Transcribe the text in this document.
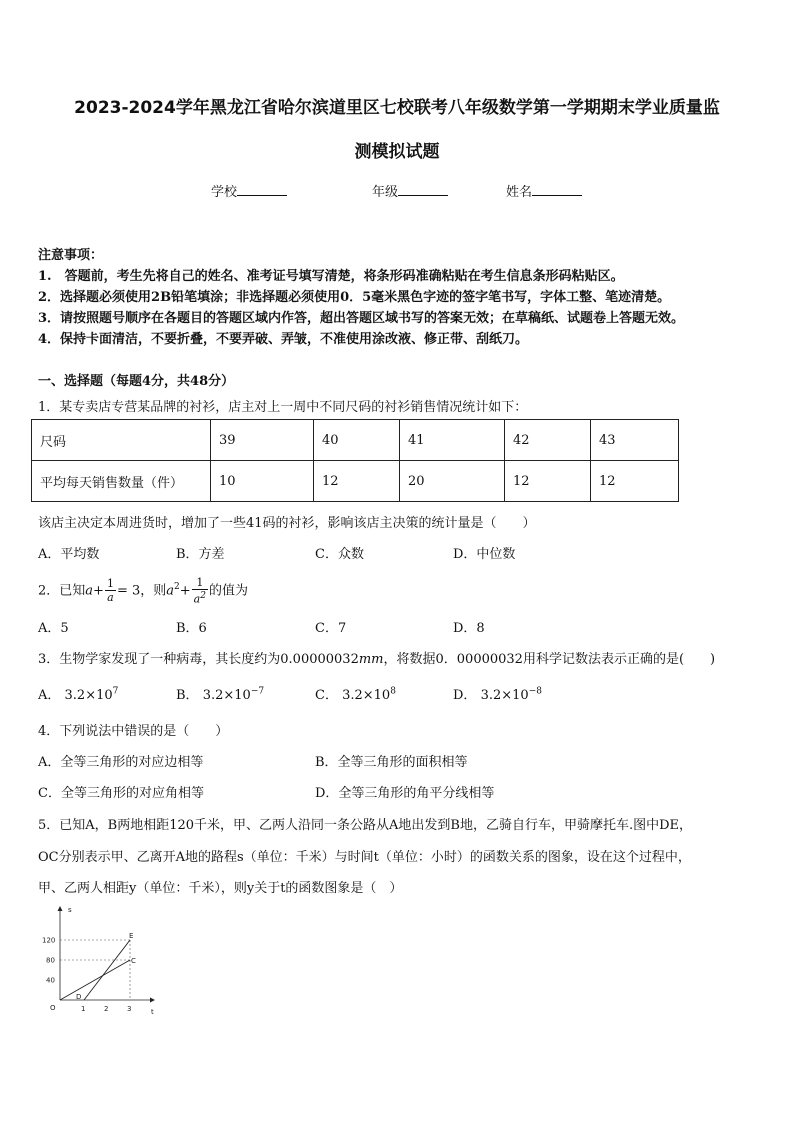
2023-2024学年黑龙江省哈尔滨道里区七校联考八年级数学第一学期期末学业质量监
测模拟试题
学校	年级	姓名
注意事项：
1.　答题前，考生先将自己的姓名、准考证号填写清楚，将条形码准确粘贴在考生信息条形码粘贴区。
2．选择题必须使用2B铅笔填涂；非选择题必须使用0．5毫米黑色字迹的签字笔书写，字体工整、笔迹清楚。
3．请按照题号顺序在各题目的答题区域内作答，超出答题区域书写的答案无效；在草稿纸、试题卷上答题无效。
4．保持卡面清洁，不要折叠，不要弄破、弄皱，不准使用涂改液、修正带、刮纸刀。
一、选择题（每题4分，共48分）
1．某专卖店专营某品牌的衬衫，店主对上一周中不同尺码的衬衫销售情况统计如下：
尺码	39	40	41	42	43
平均每天销售数量（件）	10	12	20	12	12
该店主决定本周进货时，增加了一些41码的衬衫，影响该店主决策的统计量是（　　）
A．平均数	B．方差	C．众数	D．中位数
2．已知$a+ \frac{1}{a} = 3$，则$a^2+ \frac{1}{a^2}$ 的值为
A．5	B．6	C．7	D．8
3．生物学家发现了一种病毒，其长度约为0.00000032mm，将数据0．00000032用科学记数法表示正确的是(　　)
A． $3.2\times 10^7$	B． $3.2\times 10^{-7}$	C． $3.2\times 10^8$	D． $3.2\times 10^{-8}$
4．下列说法中错误的是（　　）
A．全等三角形的对应边相等	B．全等三角形的面积相等
C．全等三角形的对应角相等	D．全等三角形的角平分线相等
5．已知A，B两地相距120千米，甲、乙两人沿同一条公路从A地出发到B地，乙骑自行车，甲骑摩托车.图中DE，
OC分别表示甲、乙离开A地的路程s（单位：千米）与时间t（单位：小时）的函数关系的图象，设在这个过程中，
甲、乙两人相距y（单位：千米），则y关于t的函数图象是（　）
s
t
120
80
40
O	1	2	3
E
C
D
